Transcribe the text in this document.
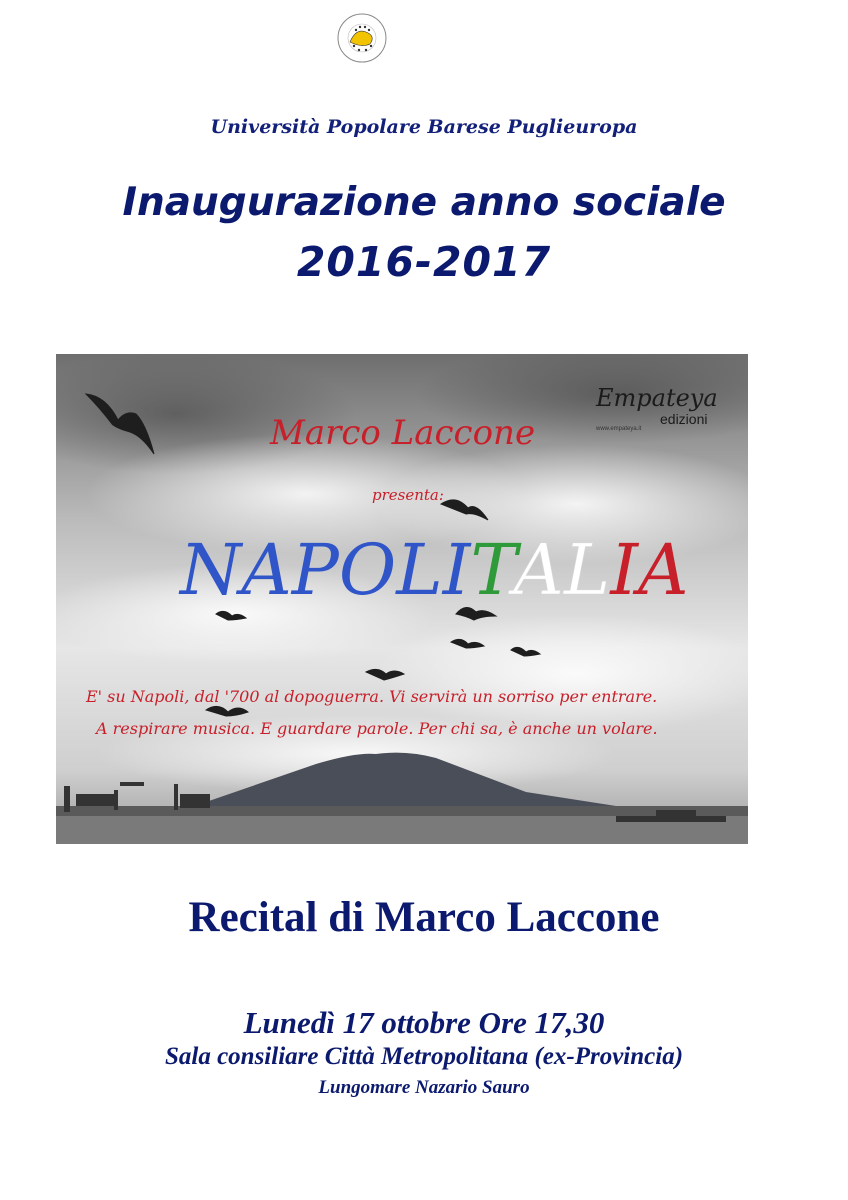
Università Popolare Barese Puglieuropa
Inaugurazione anno sociale
2016-2017
Empateya
edizioni
www.empateya.it
Marco Laccone
presenta:
NAPOLITALIA
E' su Napoli, dal '700 al dopoguerra. Vi servirà un sorriso per entrare.
A respirare musica. E guardare parole. Per chi sa, è anche un volare.
Recital di Marco Laccone
Lunedì 17 ottobre Ore 17,30
Sala consiliare Città Metropolitana (ex-Provincia)
Lungomare Nazario Sauro
